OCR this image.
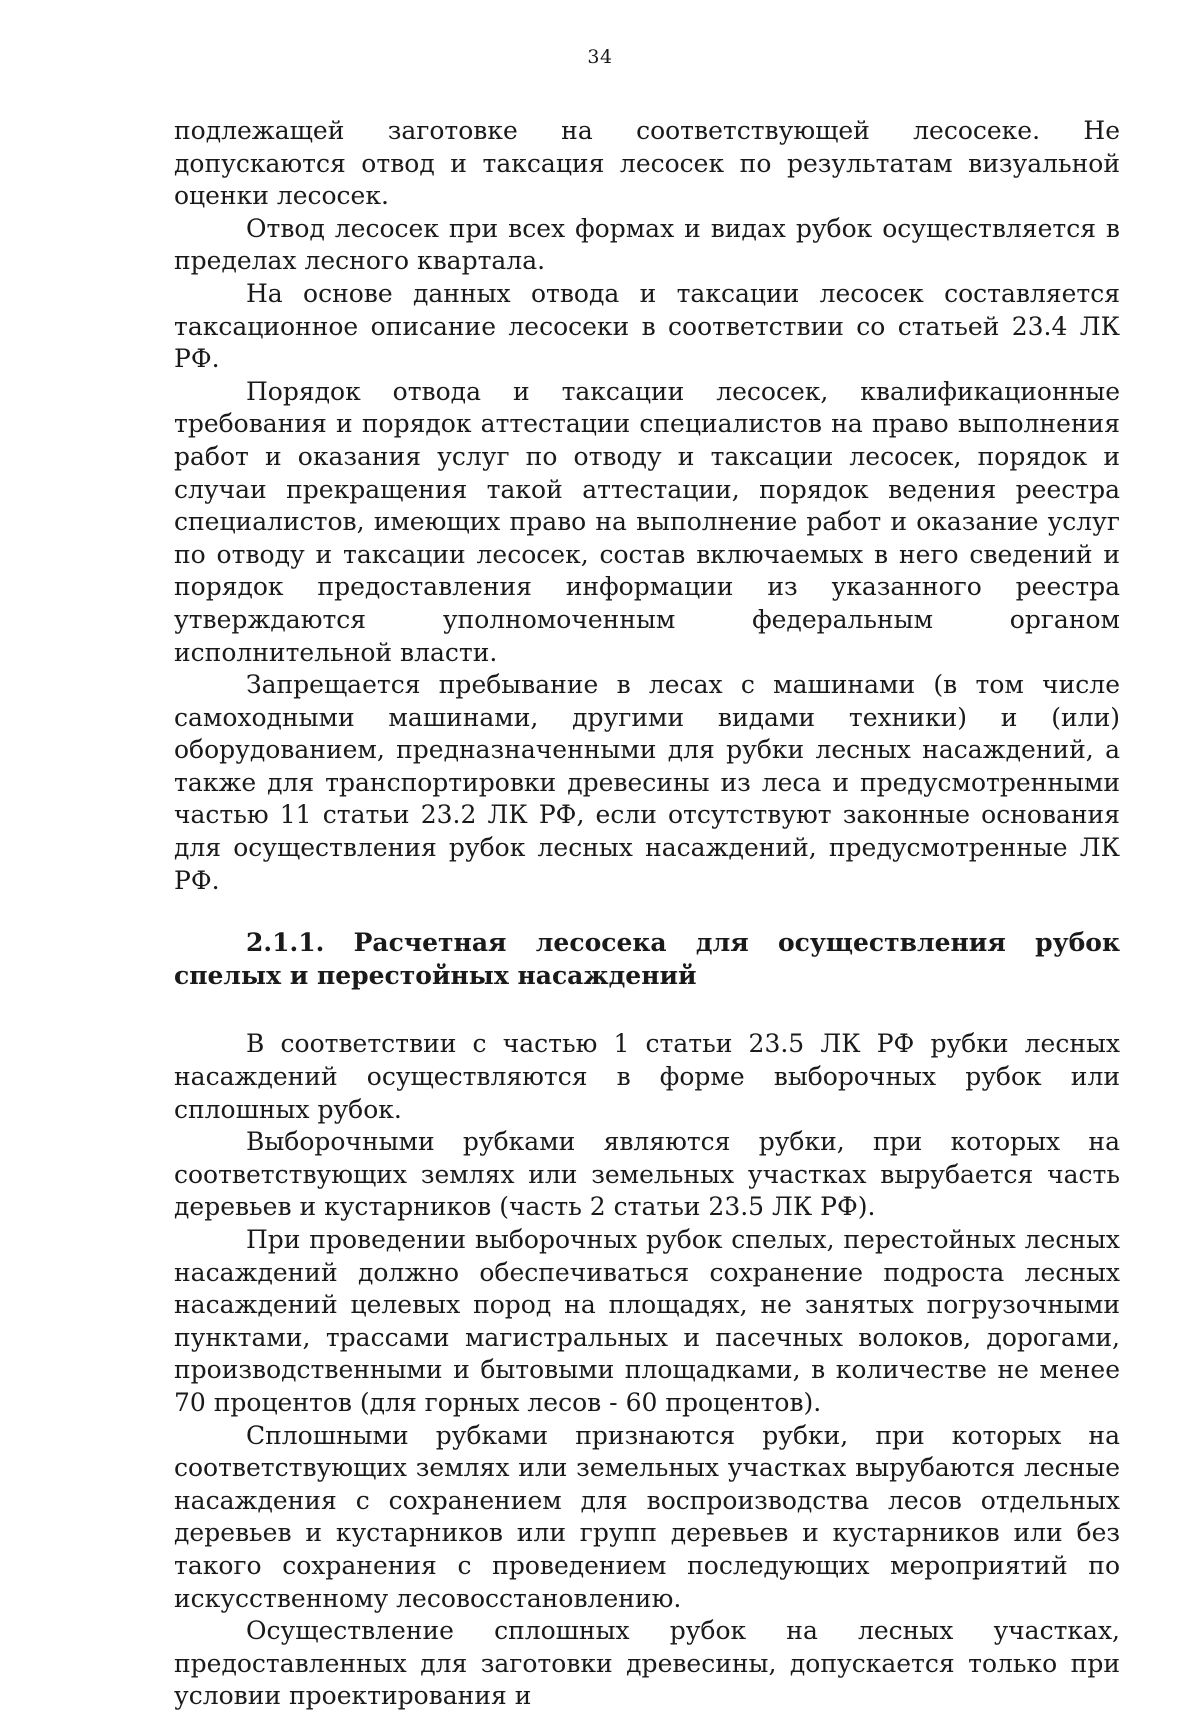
34

подлежащей заготовке на соответствующей лесосеке. Не допускаются отвод и таксация лесосек по результатам визуальной оценки лесосек.

Отвод лесосек при всех формах и видах рубок осуществляется в пределах лесного квартала.

На основе данных отвода и таксации лесосек составляется таксационное описание лесосеки в соответствии со статьей 23.4 ЛК РФ.

Порядок отвода и таксации лесосек, квалификационные требования и порядок аттестации специалистов на право выполнения работ и оказания услуг по отводу и таксации лесосек, порядок и случаи прекращения такой аттестации, порядок ведения реестра специалистов, имеющих право на выполнение работ и оказание услуг по отводу и таксации лесосек, состав включаемых в него сведений и порядок предоставления информации из указанного реестра утверждаются уполномоченным федеральным органом исполнительной власти.

Запрещается пребывание в лесах с машинами (в том числе самоходными машинами, другими видами техники) и (или) оборудованием, предназначенными для рубки лесных насаждений, а также для транспортировки древесины из леса и предусмотренными частью 11 статьи 23.2 ЛК РФ, если отсутствуют законные основания для осуществления рубок лесных насаждений, предусмотренные ЛК РФ.

2.1.1. Расчетная лесосека для осуществления рубок спелых и перестойных насаждений

В соответствии с частью 1 статьи 23.5 ЛК РФ рубки лесных насаждений осуществляются в форме выборочных рубок или сплошных рубок.

Выборочными рубками являются рубки, при которых на соответствующих землях или земельных участках вырубается часть деревьев и кустарников (часть 2 статьи 23.5 ЛК РФ).

При проведении выборочных рубок спелых, перестойных лесных насаждений должно обеспечиваться сохранение подроста лесных насаждений целевых пород на площадях, не занятых погрузочными пунктами, трассами магистральных и пасечных волоков, дорогами, производственными и бытовыми площадками, в количестве не менее 70 процентов (для горных лесов - 60 процентов).

Сплошными рубками признаются рубки, при которых на соответствующих землях или земельных участках вырубаются лесные насаждения с сохранением для воспроизводства лесов отдельных деревьев и кустарников или групп деревьев и кустарников или без такого сохранения с проведением последующих мероприятий по искусственному лесовосстановлению.

Осуществление сплошных рубок на лесных участках, предоставленных для заготовки древесины, допускается только при условии проектирования и
